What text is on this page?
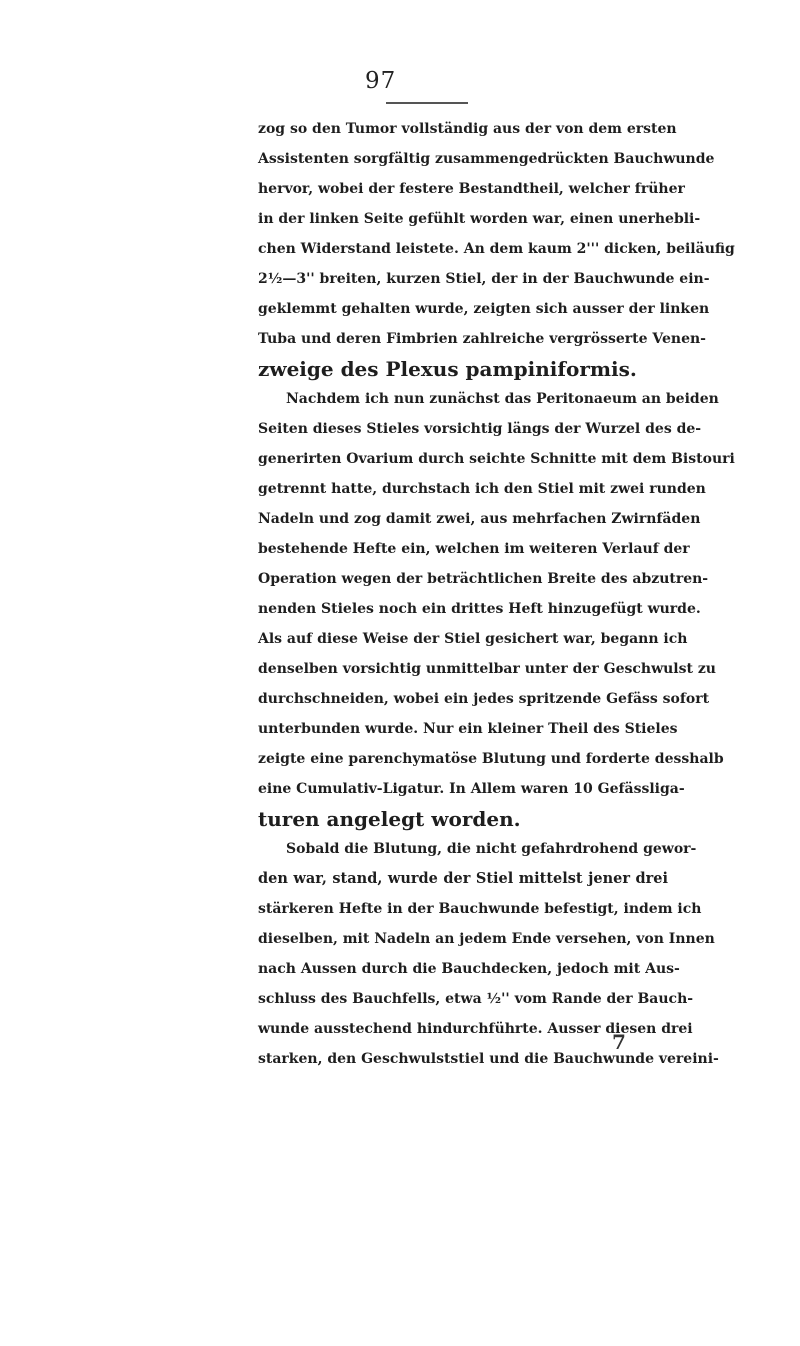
97
zog so den Tumor vollständig aus der von dem ersten
Assistenten sorgfältig zusammengedrückten Bauchwunde
hervor, wobei der festere Bestandtheil, welcher früher
in der linken Seite gefühlt worden war, einen unerhebli-
chen Widerstand leistete. An dem kaum 2''' dicken, beiläufig
2½—3'' breiten, kurzen Stiel, der in der Bauchwunde ein-
geklemmt gehalten wurde, zeigten sich ausser der linken
Tuba und deren Fimbrien zahlreiche vergrösserte Venen-
zweige des Plexus pampiniformis.
Nachdem ich nun zunächst das Peritonaeum an beiden
Seiten dieses Stieles vorsichtig längs der Wurzel des de-
generirten Ovarium durch seichte Schnitte mit dem Bistouri
getrennt hatte, durchstach ich den Stiel mit zwei runden
Nadeln und zog damit zwei, aus mehrfachen Zwirnfäden
bestehende Hefte ein, welchen im weiteren Verlauf der
Operation wegen der beträchtlichen Breite des abzutren-
nenden Stieles noch ein drittes Heft hinzugefügt wurde.
Als auf diese Weise der Stiel gesichert war, begann ich
denselben vorsichtig unmittelbar unter der Geschwulst zu
durchschneiden, wobei ein jedes spritzende Gefäss sofort
unterbunden wurde. Nur ein kleiner Theil des Stieles
zeigte eine parenchymatöse Blutung und forderte desshalb
eine Cumulativ-Ligatur. In Allem waren 10 Gefässliga-
turen angelegt worden.
Sobald die Blutung, die nicht gefahrdrohend gewor-
den war, stand, wurde der Stiel mittelst jener drei
stärkeren Hefte in der Bauchwunde befestigt, indem ich
dieselben, mit Nadeln an jedem Ende versehen, von Innen
nach Aussen durch die Bauchdecken, jedoch mit Aus-
schluss des Bauchfells, etwa ½'' vom Rande der Bauch-
wunde ausstechend hindurchführte. Ausser diesen drei
starken, den Geschwulststiel und die Bauchwunde vereini-
7
